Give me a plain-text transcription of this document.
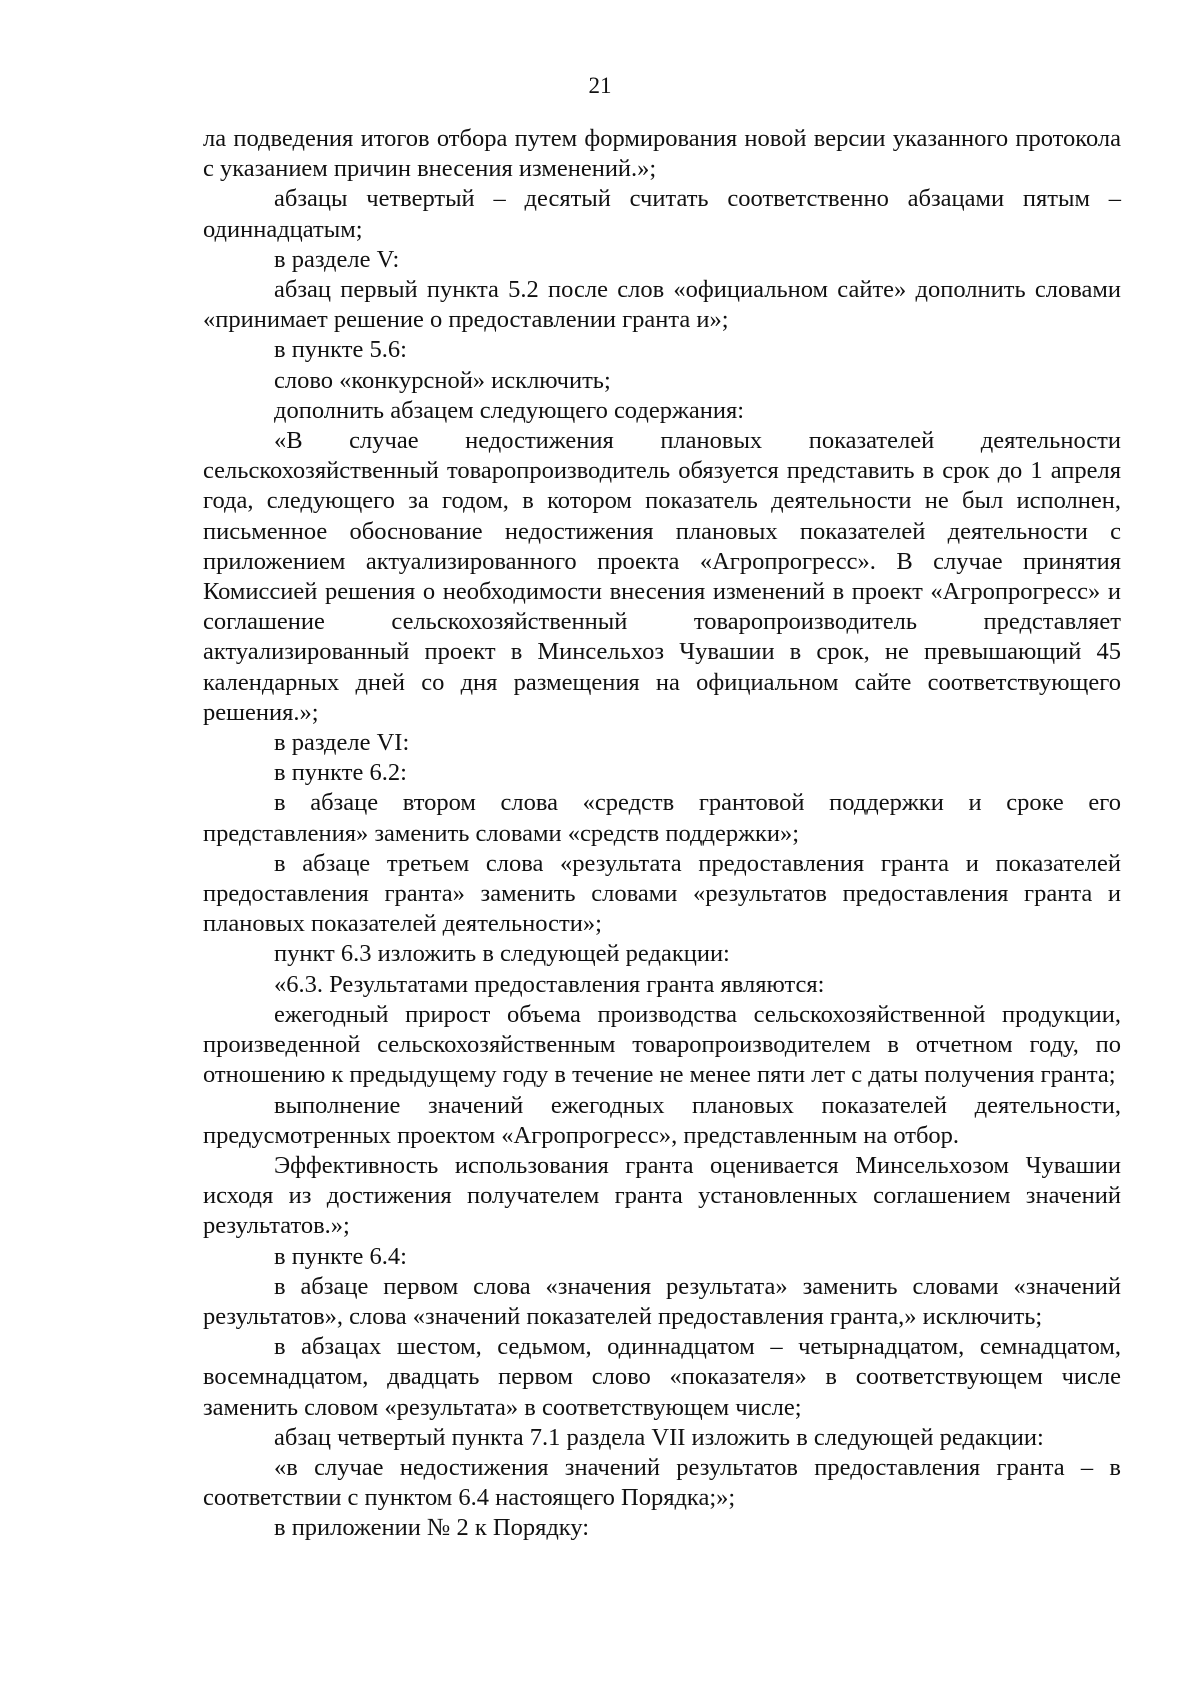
21

ла подведения итогов отбора путем формирования новой версии указанного протокола с указанием причин внесения изменений.»;

абзацы четвертый – десятый считать соответственно абзацами пятым – одиннадцатым;

в разделе V:

абзац первый пункта 5.2 после слов «официальном сайте» дополнить словами «принимает решение о предоставлении гранта и»;

в пункте 5.6:

слово «конкурсной» исключить;

дополнить абзацем следующего содержания:

«В случае недостижения плановых показателей деятельности сельскохозяйственный товаропроизводитель обязуется представить в срок до 1 апреля года, следующего за годом, в котором показатель деятельности не был исполнен, письменное обоснование недостижения плановых показателей деятельности с приложением актуализированного проекта «Агропрогресс». В случае принятия Комиссией решения о необходимости внесения изменений в проект «Агропрогресс» и соглашение сельскохозяйственный товаропроизводитель представляет актуализированный проект в Минсельхоз Чувашии в срок, не превышающий 45 календарных дней со дня размещения на официальном сайте соответствующего решения.»;

в разделе VI:

в пункте 6.2:

в абзаце втором слова «средств грантовой поддержки и сроке его представления» заменить словами «средств поддержки»;

в абзаце третьем слова «результата предоставления гранта и показателей предоставления гранта» заменить словами «результатов предоставления гранта и плановых показателей деятельности»;

пункт 6.3 изложить в следующей редакции:

«6.3. Результатами предоставления гранта являются:

ежегодный прирост объема производства сельскохозяйственной продукции, произведенной сельскохозяйственным товаропроизводителем в отчетном году, по отношению к предыдущему году в течение не менее пяти лет с даты получения гранта;

выполнение значений ежегодных плановых показателей деятельности, предусмотренных проектом «Агропрогресс», представленным на отбор.

Эффективность использования гранта оценивается Минсельхозом Чувашии исходя из достижения получателем гранта установленных соглашением значений результатов.»;

в пункте 6.4:

в абзаце первом слова «значения результата» заменить словами «значений результатов», слова «значений показателей предоставления гранта,» исключить;

в абзацах шестом, седьмом, одиннадцатом – четырнадцатом, семнадцатом, восемнадцатом, двадцать первом слово «показателя» в соответствующем числе заменить словом «результата» в соответствующем числе;

абзац четвертый пункта 7.1 раздела VII изложить в следующей редакции:

«в случае недостижения значений результатов предоставления гранта – в соответствии с пунктом 6.4 настоящего Порядка;»;

в приложении № 2 к Порядку:
